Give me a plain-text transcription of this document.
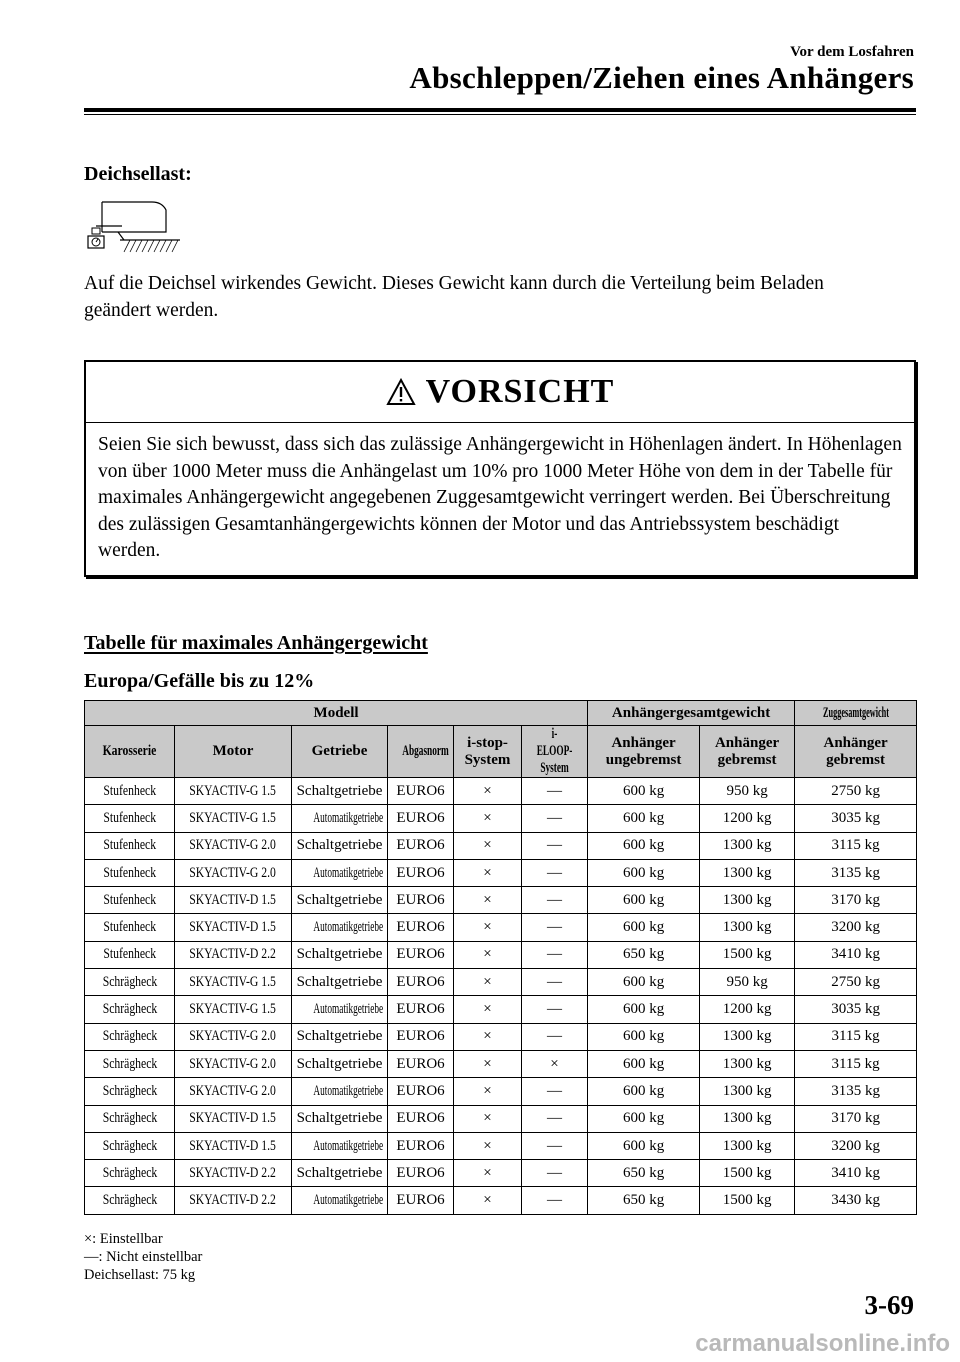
Vor dem Losfahren
Abschleppen/Ziehen eines Anhängers
Deichsellast:
Auf die Deichsel wirkendes Gewicht. Dieses Gewicht kann durch die Verteilung beim Beladen geändert werden.
VORSICHT
Seien Sie sich bewusst, dass sich das zulässige Anhängergewicht in Höhenlagen ändert. In Höhenlagen von über 1000 Meter muss die Anhängelast um 10% pro 1000 Meter Höhe von dem in der Tabelle für maximales Anhängergewicht angegebenen Zuggesamtgewicht verringert werden. Bei Überschreitung des zulässigen Gesamtanhängergewichts können der Motor und das Antriebssystem beschädigt werden.
Tabelle für maximales Anhängergewicht
Europa/Gefälle bis zu 12%
Modell						Anhängergesamtgewicht		Zuggesamtgewicht
Karosserie	Motor	Getriebe	Abgasnorm	i-stop-System	i-ELOOP-System	Anhänger ungebremst	Anhänger gebremst	Anhänger gebremst
Stufenheck	SKYACTIV-G 1.5	Schaltgetriebe	EURO6	×	—	600 kg	950 kg	2750 kg
Stufenheck	SKYACTIV-G 1.5	Automatikgetriebe	EURO6	×	—	600 kg	1200 kg	3035 kg
Stufenheck	SKYACTIV-G 2.0	Schaltgetriebe	EURO6	×	—	600 kg	1300 kg	3115 kg
Stufenheck	SKYACTIV-G 2.0	Automatikgetriebe	EURO6	×	—	600 kg	1300 kg	3135 kg
Stufenheck	SKYACTIV-D 1.5	Schaltgetriebe	EURO6	×	—	600 kg	1300 kg	3170 kg
Stufenheck	SKYACTIV-D 1.5	Automatikgetriebe	EURO6	×	—	600 kg	1300 kg	3200 kg
Stufenheck	SKYACTIV-D 2.2	Schaltgetriebe	EURO6	×	—	650 kg	1500 kg	3410 kg
Schrägheck	SKYACTIV-G 1.5	Schaltgetriebe	EURO6	×	—	600 kg	950 kg	2750 kg
Schrägheck	SKYACTIV-G 1.5	Automatikgetriebe	EURO6	×	—	600 kg	1200 kg	3035 kg
Schrägheck	SKYACTIV-G 2.0	Schaltgetriebe	EURO6	×	—	600 kg	1300 kg	3115 kg
Schrägheck	SKYACTIV-G 2.0	Schaltgetriebe	EURO6	×	×	600 kg	1300 kg	3115 kg
Schrägheck	SKYACTIV-G 2.0	Automatikgetriebe	EURO6	×	—	600 kg	1300 kg	3135 kg
Schrägheck	SKYACTIV-D 1.5	Schaltgetriebe	EURO6	×	—	600 kg	1300 kg	3170 kg
Schrägheck	SKYACTIV-D 1.5	Automatikgetriebe	EURO6	×	—	600 kg	1300 kg	3200 kg
Schrägheck	SKYACTIV-D 2.2	Schaltgetriebe	EURO6	×	—	650 kg	1500 kg	3410 kg
Schrägheck	SKYACTIV-D 2.2	Automatikgetriebe	EURO6	×	—	650 kg	1500 kg	3430 kg
×: Einstellbar
—: Nicht einstellbar
Deichsellast: 75 kg
3-69
carmanualsonline.info
